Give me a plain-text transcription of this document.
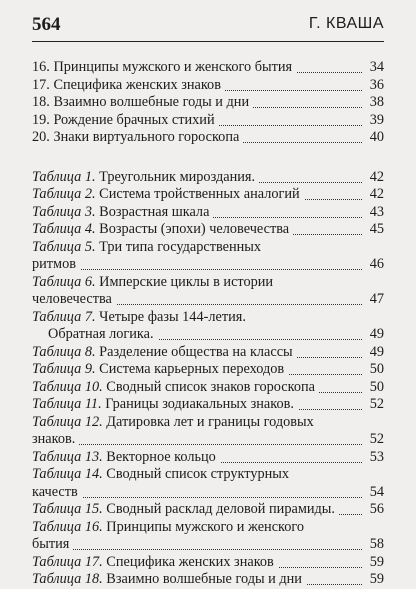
564	Г. КВАША
16. Принципы мужского и женского бытия	34
17. Специфика женских знаков	36
18. Взаимно волшебные годы и дни	38
19. Рождение брачных стихий	39
20. Знаки виртуального гороскопа	40
Таблица 1. Треугольник мироздания.	42
Таблица 2. Система тройственных аналогий	42
Таблица 3. Возрастная шкала	43
Таблица 4. Возрасты (эпохи) человечества	45
Таблица 5. Три типа государственных
ритмов	46
Таблица 6. Имперские циклы в истории
человечества	47
Таблица 7. Четыре фазы 144-летия.
Обратная логика.	49
Таблица 8. Разделение общества на классы	49
Таблица 9. Система карьерных переходов	50
Таблица 10. Сводный список знаков гороскопа	50
Таблица 11. Границы зодиакальных знаков.	52
Таблица 12. Датировка лет и границы годовых
знаков.	52
Таблица 13. Векторное кольцо	53
Таблица 14. Сводный список структурных
качеств	54
Таблица 15. Сводный расклад деловой пирамиды. 56
Таблица 16. Принципы мужского и женского
бытия	58
Таблица 17. Специфика женских знаков	59
Таблица 18. Взаимно волшебные годы и дни	59
